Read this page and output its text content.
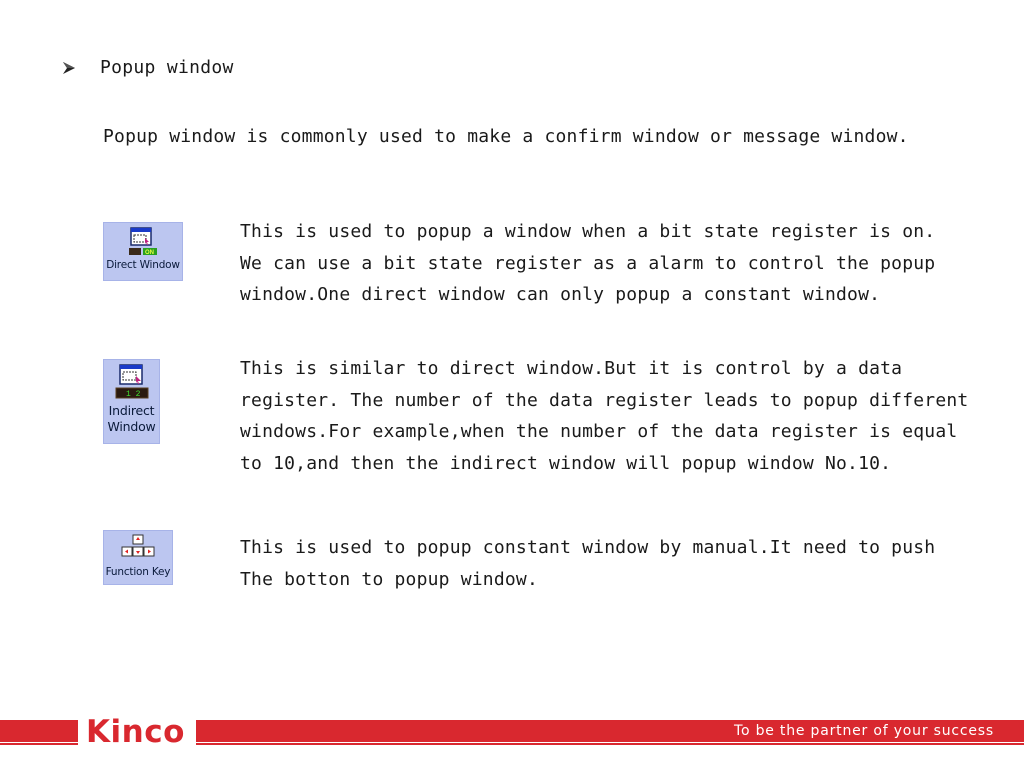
Popup window
Popup window is commonly used to make a confirm window or message window.
ON
Direct Window
This is used to popup a window when a bit state register is on.
We can use a bit state register as a alarm to control the popup
window.One direct window can only popup a constant window.
1 2
Indirect
Window
This is similar to direct window.But it is control by a data
register. The number of the data register leads to popup different
windows.For example,when the number of the data register is equal
to 10,and then the indirect window will popup window No.10.
Function Key
This is used to popup constant window by manual.It need to push
The botton to popup window.
Kinco	To be the partner of your success
